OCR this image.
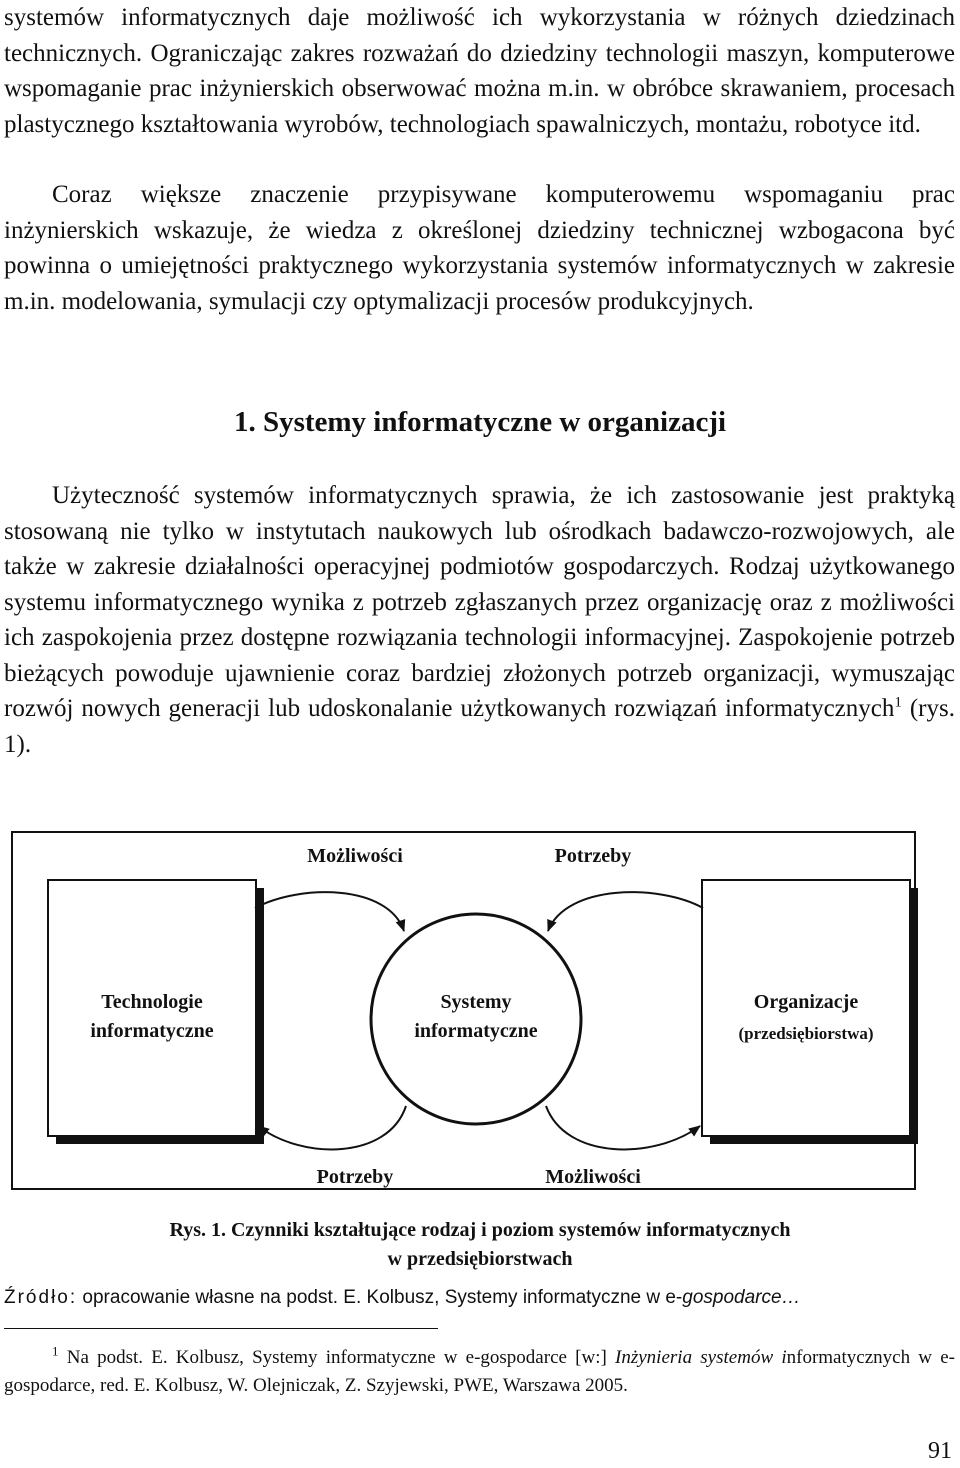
systemów informatycznych daje możliwość ich wykorzystania w różnych dziedzinach technicznych. Ograniczając zakres rozważań do dziedziny technologii maszyn, komputerowe wspomaganie prac inżynierskich obserwować można m.in. w obróbce skrawaniem, procesach plastycznego kształtowania wyrobów, technologiach spawalniczych, montażu, robotyce itd.

Coraz większe znaczenie przypisywane komputerowemu wspomaganiu prac inżynierskich wskazuje, że wiedza z określonej dziedziny technicznej wzbogacona być powinna o umiejętności praktycznego wykorzystania systemów informatycznych w zakresie m.in. modelowania, symulacji czy optymalizacji procesów produkcyjnych.

1. Systemy informatyczne w organizacji

Użyteczność systemów informatycznych sprawia, że ich zastosowanie jest praktyką stosowaną nie tylko w instytutach naukowych lub ośrodkach badawczo-rozwojowych, ale także w zakresie działalności operacyjnej podmiotów gospodarczych. Rodzaj użytkowanego systemu informatycznego wynika z potrzeb zgłaszanych przez organizację oraz z możliwości ich zaspokojenia przez dostępne rozwiązania technologii informacyjnej. Zaspokojenie potrzeb bieżących powoduje ujawnienie coraz bardziej złożonych potrzeb organizacji, wymuszając rozwój nowych generacji lub udoskonalanie użytkowanych rozwiązań informatycznych$^1$ (rys. 1).

Możliwości	Potrzeby
Technologie
informatyczne
Systemy
informatyczne
Organizacje
(przedsiębiorstwa)
Potrzeby	Możliwości

Rys. 1. Czynniki kształtujące rodzaj i poziom systemów informatycznych
w przedsiębiorstwach

Źródło: opracowanie własne na podst. E. Kolbusz, Systemy informatyczne w e-gospodarce…

$^1$ Na podst. E. Kolbusz, Systemy informatyczne w e-gospodarce [w:] Inżynieria systemów informatycznych w e-gospodarce, red. E. Kolbusz, W. Olejniczak, Z. Szyjewski, PWE, Warszawa 2005.

91
